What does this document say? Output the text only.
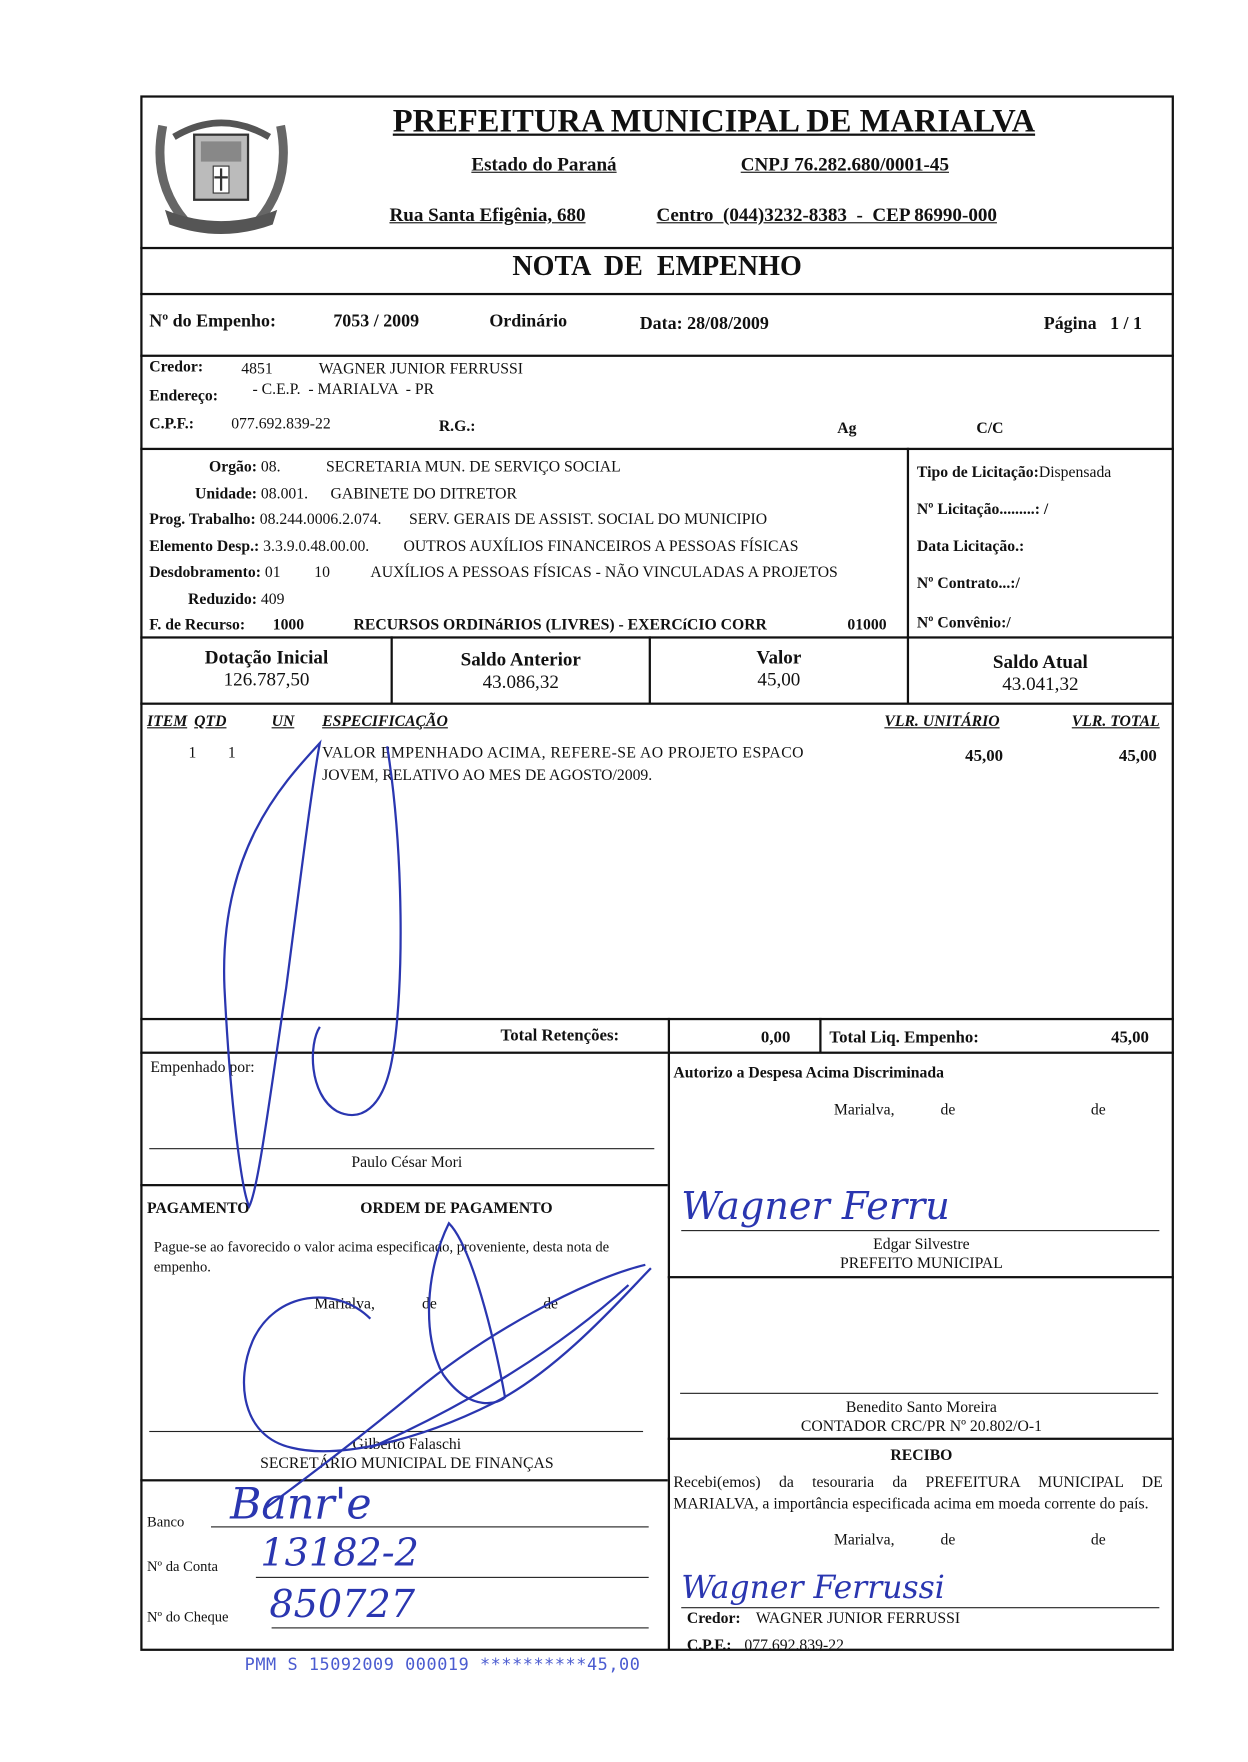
PREFEITURA MUNICIPAL DE MARIALVA
Estado do Paraná	CNPJ 76.282.680/0001-45
Rua Santa Efigênia, 680	Centro  (044)3232-8383  -  CEP 86990-000
NOTA  DE  EMPENHO
Nº do Empenho:	7053 / 2009	Ordinário	Data: 28/08/2009	Página   1 / 1
Credor:	4851	WAGNER JUNIOR FERRUSSI
Endereço: - C.E.P.  - MARIALVA  - PR
C.P.F.:	077.692.839-22	R.G.:	Ag	C/C
Orgão: 08.	SECRETARIA MUN. DE SERVIÇO SOCIAL
Unidade: 08.001. GABINETE DO DITRETOR
Prog. Trabalho: 08.244.0006.2.074. SERV. GERAIS DE ASSIST. SOCIAL DO MUNICIPIO
Elemento Desp.: 3.3.9.0.48.00.00. OUTROS AUXÍLIOS FINANCEIROS A PESSOAS FÍSICAS
Desdobramento: 01 10	AUXÍLIOS A PESSOAS FÍSICAS - NÃO VINCULADAS A PROJETOS
Reduzido: 409
F. de Recurso: 1000	RECURSOS ORDINáRIOS (LIVRES) - EXERCíCIO CORR	01000
Tipo de Licitação:Dispensada
Nº Licitação.........: /
Data Licitação.:
Nº Contrato...:/
Nº Convênio:/
Dotação Inicial
126.787,50
Saldo Anterior
43.086,32
Valor
45,00
Saldo Atual
43.041,32
ITEM QTD	UN ESPECIFICAÇÃO	VLR. UNITÁRIO	VLR. TOTAL
1 1	VALOR EMPENHADO ACIMA, REFERE-SE AO PROJETO ESPACO
JOVEM, RELATIVO AO MES DE AGOSTO/2009.
45,00	45,00
Total Retenções:	0,00	Total Liq. Empenho:	45,00
Empenhado por:
Paulo César Mori
PAGAMENTO	ORDEM DE PAGAMENTO
Pague-se ao favorecido o valor acima especificado, proveniente, desta nota de empenho.
Marialva,	de	de
Gilberto Falaschi
SECRETÁRIO MUNICIPAL DE FINANÇAS
Banco Banr'e
Nº da Conta 13182-2
Nº do Cheque 850727
Autorizo a Despesa Acima Discriminada
Marialva,	de	de
Wagner Ferru
Edgar Silvestre
PREFEITO MUNICIPAL
Benedito Santo Moreira
CONTADOR CRC/PR Nº 20.802/O-1
RECIBO
Recebi(emos) da tesouraria da PREFEITURA MUNICIPAL DE MARIALVA, a importância especificada acima em moeda corrente do país.
Marialva,	de	de
Wagner Ferrussi
Credor: WAGNER JUNIOR FERRUSSI
C.P.F.: 077.692.839-22
PMM S 15092009 000019 **********45,00
